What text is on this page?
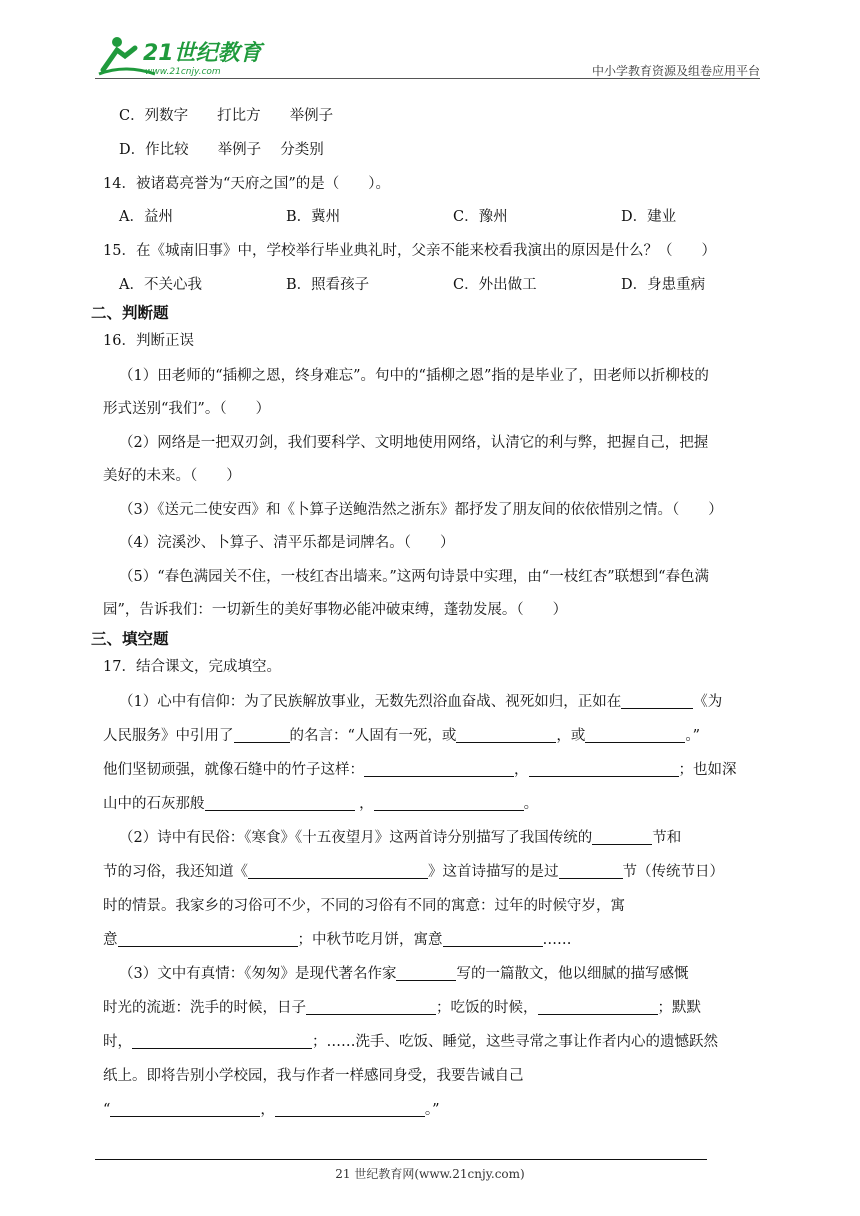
21世纪教育
www.21cnjy.com	中小学教育资源及组卷应用平台
C．列数字　　打比方　　举例子
D．作比较　　举例子　 分类别
14．被诸葛亮誉为“天府之国”的是（　　）。
A．益州	B．冀州	C．豫州	D．建业
15．在《城南旧事》中，学校举行毕业典礼时，父亲不能来校看我演出的原因是什么？（　　）
A．不关心我	B．照看孩子	C．外出做工	D．身患重病
二、判断题
16．判断正误
（1）田老师的“插柳之恩，终身难忘”。句中的“插柳之恩”指的是毕业了，田老师以折柳枝的
形式送别“我们”。（　　）
（2）网络是一把双刃剑，我们要科学、文明地使用网络，认清它的利与弊，把握自己，把握
美好的未来。（　　）
（3）《送元二使安西》和《卜算子送鲍浩然之浙东》都抒发了朋友间的依依惜别之情。（　　）
（4）浣溪沙、卜算子、清平乐都是词牌名。（　　）
（5）“春色满园关不住，一枝红杏出墙来。”这两句诗景中实理，由“一枝红杏”联想到“春色满
园”，告诉我们：一切新生的美好事物必能冲破束缚，蓬勃发展。（　　）
三、填空题
17．结合课文，完成填空。
（1）心中有信仰：为了民族解放事业，无数先烈浴血奋战、视死如归，正如在	《为
人民服务》中引用了	的名言：“人固有一死，或	，或	。”
他们坚韧顽强，就像石缝中的竹子这样：	，	；也如深
山中的石灰那般	，	。
（2）诗中有民俗：《寒食》《十五夜望月》这两首诗分别描写了我国传统的	节和
节的习俗，我还知道《	》这首诗描写的是过	节（传统节日）
时的情景。我家乡的习俗可不少，不同的习俗有不同的寓意：过年的时候守岁，寓
意	；中秋节吃月饼，寓意	……
（3）文中有真情：《匆匆》是现代著名作家	写的一篇散文，他以细腻的描写感慨
时光的流逝：洗手的时候，日子	；吃饭的时候，	；默默
时，	；……洗手、吃饭、睡觉，这些寻常之事让作者内心的遗憾跃然
纸上。即将告别小学校园，我与作者一样感同身受，我要告诫自己
“	，	。”
21 世纪教育网(www.21cnjy.com)
